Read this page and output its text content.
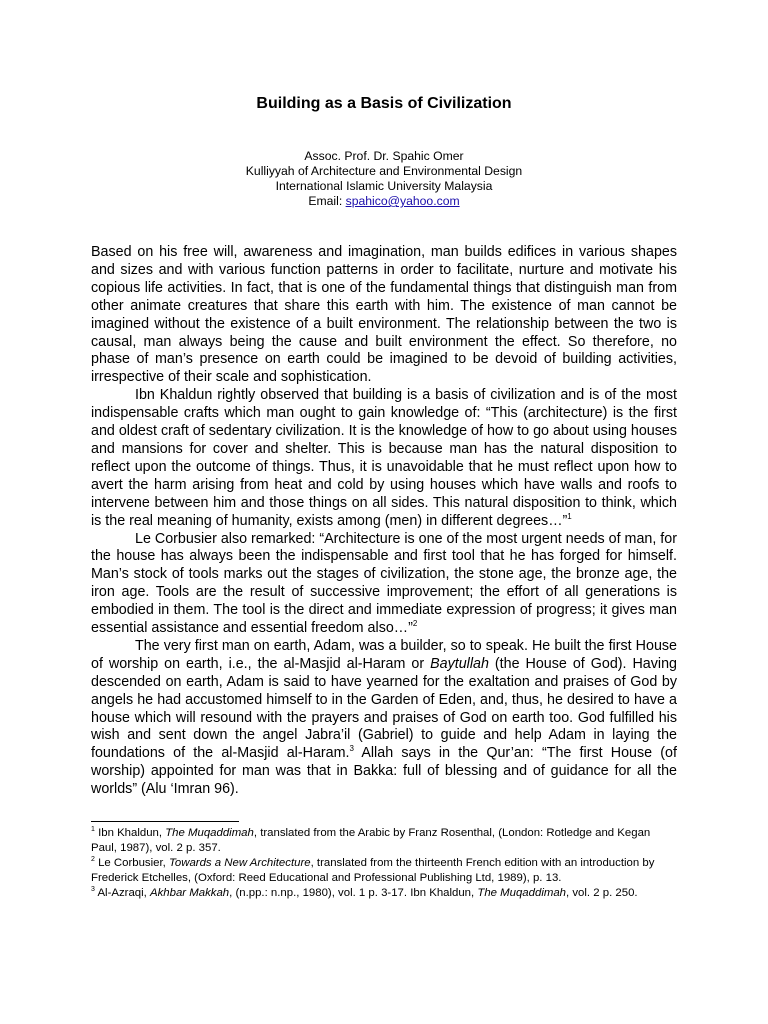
Building as a Basis of Civilization
Assoc. Prof. Dr. Spahic Omer
Kulliyyah of Architecture and Environmental Design
International Islamic University Malaysia
Email: spahico@yahoo.com

Based on his free will, awareness and imagination, man builds edifices in various shapes and sizes and with various function patterns in order to facilitate, nurture and motivate his copious life activities. In fact, that is one of the fundamental things that distinguish man from other animate creatures that share this earth with him. The existence of man cannot be imagined without the existence of a built environment. The relationship between the two is causal, man always being the cause and built environment the effect. So therefore, no phase of man’s presence on earth could be imagined to be devoid of building activities, irrespective of their scale and sophistication.

Ibn Khaldun rightly observed that building is a basis of civilization and is of the most indispensable crafts which man ought to gain knowledge of: “This (architecture) is the first and oldest craft of sedentary civilization. It is the knowledge of how to go about using houses and mansions for cover and shelter. This is because man has the natural disposition to reflect upon the outcome of things. Thus, it is unavoidable that he must reflect upon how to avert the harm arising from heat and cold by using houses which have walls and roofs to intervene between him and those things on all sides. This natural disposition to think, which is the real meaning of humanity, exists among (men) in different degrees…”$^1$

Le Corbusier also remarked: “Architecture is one of the most urgent needs of man, for the house has always been the indispensable and first tool that he has forged for himself. Man’s stock of tools marks out the stages of civilization, the stone age, the bronze age, the iron age. Tools are the result of successive improvement; the effort of all generations is embodied in them. The tool is the direct and immediate expression of progress; it gives man essential assistance and essential freedom also…”$^2$

The very first man on earth, Adam, was a builder, so to speak. He built the first House of worship on earth, i.e., the al-Masjid al-Haram or Baytullah (the House of God). Having descended on earth, Adam is said to have yearned for the exaltation and praises of God by angels he had accustomed himself to in the Garden of Eden, and, thus, he desired to have a house which will resound with the prayers and praises of God on earth too. God fulfilled his wish and sent down the angel Jabra’il (Gabriel) to guide and help Adam in laying the foundations of the al-Masjid al-Haram.$^3$ Allah says in the Qur’an: “The first House (of worship) appointed for man was that in Bakka: full of blessing and of guidance for all the worlds” (Alu ‘Imran 96).

$^1$ Ibn Khaldun, The Muqaddimah, translated from the Arabic by Franz Rosenthal, (London: Rotledge and Kegan Paul, 1987), vol. 2 p. 357.

$^2$ Le Corbusier, Towards a New Architecture, translated from the thirteenth French edition with an introduction by Frederick Etchelles, (Oxford: Reed Educational and Professional Publishing Ltd, 1989), p. 13.

$^3$ Al-Azraqi, Akhbar Makkah, (n.pp.: n.np., 1980), vol. 1 p. 3-17. Ibn Khaldun, The Muqaddimah, vol. 2 p. 250.
